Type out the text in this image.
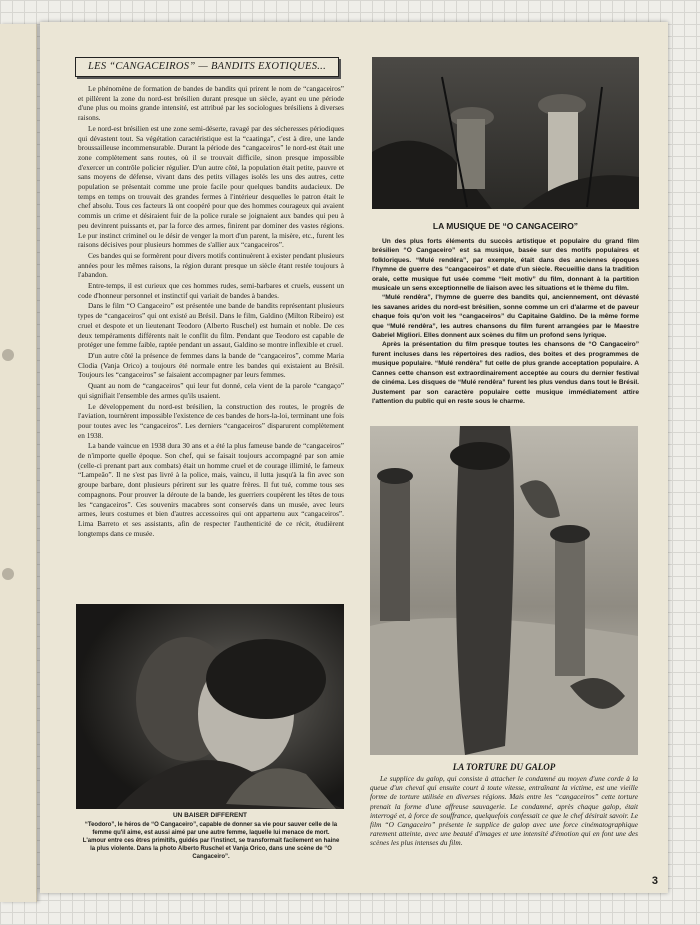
LES “CANGACEIROS” — BANDITS EXOTIQUES...

Le phénomène de formation de bandes de bandits qui prirent le nom de “cangaceiros” et pillèrent la zone du nord-est brésilien durant presque un siècle, ayant eu une période d'une plus ou moins grande intensité, est attribué par les sociologues brésiliens à diverses raisons.

Le nord-est brésilien est une zone semi-déserte, ravagé par des sécheresses périodiques qui dévastent tout. Sa végétation caractéristique est la “caatinga”, c'est à dire, une lande broussailleuse incommensurable. Durant la période des “cangaceiros” le nord-est était une zone complètement sans routes, où il se trouvait difficile, sinon presque impossible d'exercer un contrôle policier régulier. D'un autre côté, la population était petite, pauvre et sans moyens de défense, vivant dans des petits villages isolés les uns des autres, cette population se présentait comme une proie facile pour quelques bandits audacieux. De temps en temps on trouvait des grandes fermes à l'intérieur desquelles le patron était le chef absolu. Tous ces facteurs là ont coopéré pour que des hommes courageux qui avaient commis un crime et désiraient fuir de la police rurale se joignaient aux bandes qui peu à peu devinrent puissants et, par la force des armes, finirent par dominer des vastes régions. Le pur instinct criminel ou le désir de venger la mort d'un parent, la misère, etc., furent les raisons décisives pour plusieurs hommes de s'allier aux “cangaceiros”.

Ces bandes qui se formèrent pour divers motifs continuèrent à exister pendant plusieurs années pour les mêmes raisons, la région durant presque un siècle étant restée toujours à l'abandon.

Entre-temps, il est curieux que ces hommes rudes, semi-barbares et cruels, eussent un code d'honneur personnel et instinctif qui variait de bandes à bandes.

Dans le film “O Cangaceiro” est présentée une bande de bandits représentant plusieurs types de “cangaceiros” qui ont existé au Brésil. Dans le film, Galdino (Milton Ribeiro) est cruel et despote et un lieutenant Teodoro (Alberto Ruschel) est humain et noble. De ces deux tempéraments différents nait le conflit du film. Pendant que Teodoro est capable de protéger une femme faible, raptée pendant un assaut, Galdino se montre inflexible et cruel.

D'un autre côté la présence de femmes dans la bande de “cangaceiros”, comme Maria Clodia (Vanja Orico) a toujours été normale entre les bandes qui existaient au Brésil. Toujours les “cangaceiros” se faisaient accompagner par leurs femmes.

Quant au nom de “cangaceiros” qui leur fut donné, cela vient de la parole “cangaço” qui signifiait l'ensemble des armes qu'ils usaient.

Le développement du nord-est brésilien, la construction des routes, le progrès de l'aviation, tournèrent impossible l'existence de ces bandes de hors-la-loi, terminant une fois pour toutes avec les “cangaceiros”. Les derniers “cangaceiros” disparurent complètement en 1938.

La bande vaincue en 1938 dura 30 ans et a été la plus fameuse bande de “cangaceiros” de n'importe quelle époque. Son chef, qui se faisait toujours accompagné par son amie (celle-ci prenant part aux combats) était un homme cruel et de courage illimité, le fameux “Lampeão”. Il ne s'est pas livré à la police, mais, vaincu, il lutta jusqu'à la fin avec son groupe barbare, dont plusieurs périrent sur les quatre frères. Il fut tué, comme tous ses compagnons. Pour prouver la déroute de la bande, les guerriers coupèrent les têtes de tous les “cangaceiros”. Ces souvenirs macabres sont conservés dans un musée, avec leurs armes, leurs costumes et bien d'autres accessoires qui ont appartenu aux “cangaceiros”. Lima Barreto et ses assistants, afin de respecter l'authenticité de ce récit, étudièrent longtemps dans ce musée.

UN BAISER DIFFERENT
“Teodoro”, le héros de “O Cangaceiro”, capable de donner sa vie pour sauver celle de la femme qu'il aime, est aussi aimé par une autre femme, laquelle lui menace de mort. L'amour entre ces êtres primitifs, guidés par l'instinct, se transformait facilement en haine la plus violente. Dans la photo Alberto Ruschel et Vanja Orico, dans une scène de “O Cangaceiro”.
LA MUSIQUE DE “O CANGACEIRO”

Un des plus forts éléments du succès artistique et populaire du grand film brésilien “O Cangaceiro” est sa musique, basée sur des motifs populaires et folkloriques. “Mulé rendêra”, par exemple, était dans des anciennes époques l'hymne de guerre des “cangaceiros” et date d'un siècle. Recueillie dans la tradition orale, cette musique fut usée comme “leit motiv” du film, donnant à la partition musicale un sens exceptionnelle de liaison avec les situations et le thème du film.

“Mulé rendêra”, l'hymne de guerre des bandits qui, anciennement, ont dévasté les savanes arides du nord-est brésilien, sonne comme un cri d'alarme et de paveur chaque fois qu'on voit les “cangaceiros” du Capitaine Galdino. De la même forme que “Mulé rendêra”, les autres chansons du film furent arrangées par le Maestre Gabriel Migliori. Elles donnent aux scènes du film un profond sens lyrique.

Après la présentation du film presque toutes les chansons de “O Cangaceiro” furent incluses dans les répertoires des radios, des boites et des programmes de musique populaire. “Mulé rendêra” fut celle de plus grande acceptation populaire. A Cannes cette chanson est extraordinairement acceptée au cours du dernier festival de cinéma. Les disques de “Mulé rendêra” furent les plus vendus dans tout le Brésil. Justement par son caractère populaire cette musique immédiatement attire l'attention du public qui en reste sous le charme.

LA TORTURE DU GALOP

Le supplice du galop, qui consiste à attacher le condamné au moyen d'une corde à la queue d'un cheval qui ensuite court à toute vitesse, entraînant la victime, est une vieille forme de torture utilisée en diverses régions. Mais entre les “cangaceiros” cette torture prenait la forme d'une affreuse sauvagerie. Le condamné, après chaque galop, était interrogé et, à force de souffrance, quelquefois confessait ce que le chef désirait savoir. Le film “O Cangaceiro” présente le supplice de galop avec une force cinématographique rarement atteinte, avec une beauté d'images et une intensité d'émotion qui en font une des scènes les plus intenses du film.

3
